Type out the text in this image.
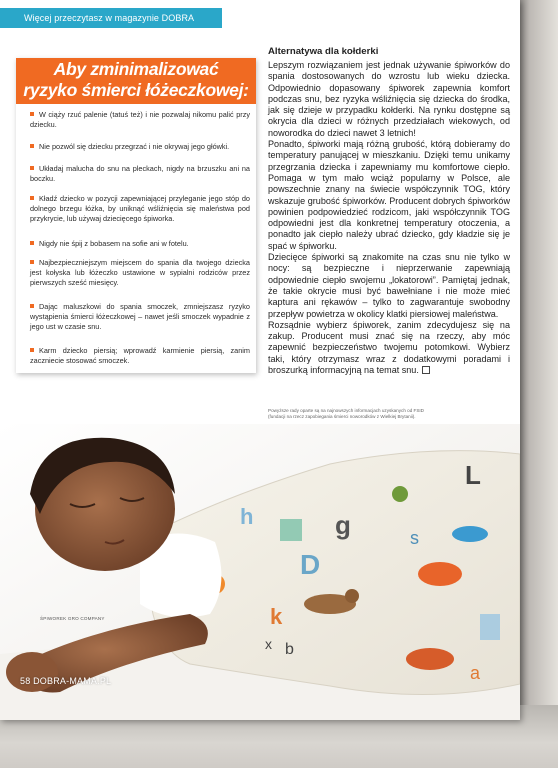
Więcej przeczytasz w magazynie DOBRA MAMA
Aby zminimalizować
ryzyko śmierci łóżeczkowej:
W ciąży rzuć palenie (tatuś też) i nie pozwalaj nikomu palić przy dziecku.
Nie pozwól się dziecku przegrzać i nie okrywaj jego główki.
Układaj malucha do snu na pleckach, nigdy na brzuszku ani na boczku.
Kładź dziecko w pozycji zapewniającej przyleganie jego stóp do dolnego brzegu łóżka, by uniknąć wśliźnięcia się maleństwa pod przykrycie, lub używaj dziecięcego śpiworka.
Nigdy nie śpij z bobasem na sofie ani w fotelu.
Najbezpieczniejszym miejscem do spania dla twojego dziecka jest kołyska lub łóżeczko ustawione w sypialni rodziców przez pierwszych sześć miesięcy.
Dając maluszkowi do spania smoczek, zmniejszasz ryzyko wystąpienia śmierci łóżeczkowej – nawet jeśli smoczek wypadnie z jego ust w czasie snu.
Karm dziecko piersią; wprowadź karmienie piersią, zanim zaczniecie stosować smoczek.
Alternatywa dla kołderki

Lepszym rozwiązaniem jest jednak używanie śpiworków do spania dostosowanych do wzrostu lub wieku dziecka. Odpowiednio dopasowany śpiworek zapewnia komfort podczas snu, bez ryzyka wśliźnięcia się dziecka do środka, jak się dzieje w przypadku kołderki. Na rynku dostępne są okrycia dla dzieci w różnych przedziałach wiekowych, od noworodka do dzieci nawet 3 letnich!

Ponadto, śpiworki mają różną grubość, którą dobieramy do temperatury panującej w mieszkaniu. Dzięki temu unikamy przegrzania dziecka i zapewniamy mu komfortowe ciepło. Pomaga w tym mało wciąż popularny w Polsce, ale powszechnie znany na świecie współczynnik TOG, który wskazuje grubość śpiworków. Producent dobrych śpiworków powinien podpowiedzieć rodzicom, jaki współczynnik TOG odpowiedni jest dla konkretnej temperatury otoczenia, a ponadto jak ciepło należy ubrać dziecko, gdy kładzie się je spać w śpiworku.

Dziecięce śpiworki są znakomite na czas snu nie tylko w nocy: są bezpieczne i nieprzerwanie zapewniają odpowiednie ciepło swojemu „lokatorowi”. Pamiętaj jednak, że takie okrycie musi być bawełniane i nie może mieć kaptura ani rękawów – tylko to zagwarantuje swobodny przepływ powietrza w okolicy klatki piersiowej maleństwa.

Rozsądnie wybierz śpiworek, zanim zdecydujesz się na zakup. Producent musi znać się na rzeczy, aby móc zapewnić bezpieczeństwo twojemu potomkowi. Wybierz taki, który otrzymasz wraz z dodatkowymi poradami i broszurką informacyjną na temat snu.

Powyższe rady oparte są na najnowszych informacjach uzyskanych od FSID
(fundacji na rzecz zapobiegania śmierci noworodków z Wielkiej Brytanii).
D
g
h
k
b
x
L
s
a
ŚPIWOREK GRO COMPANY
58 DOBRA-MAMA.PL
